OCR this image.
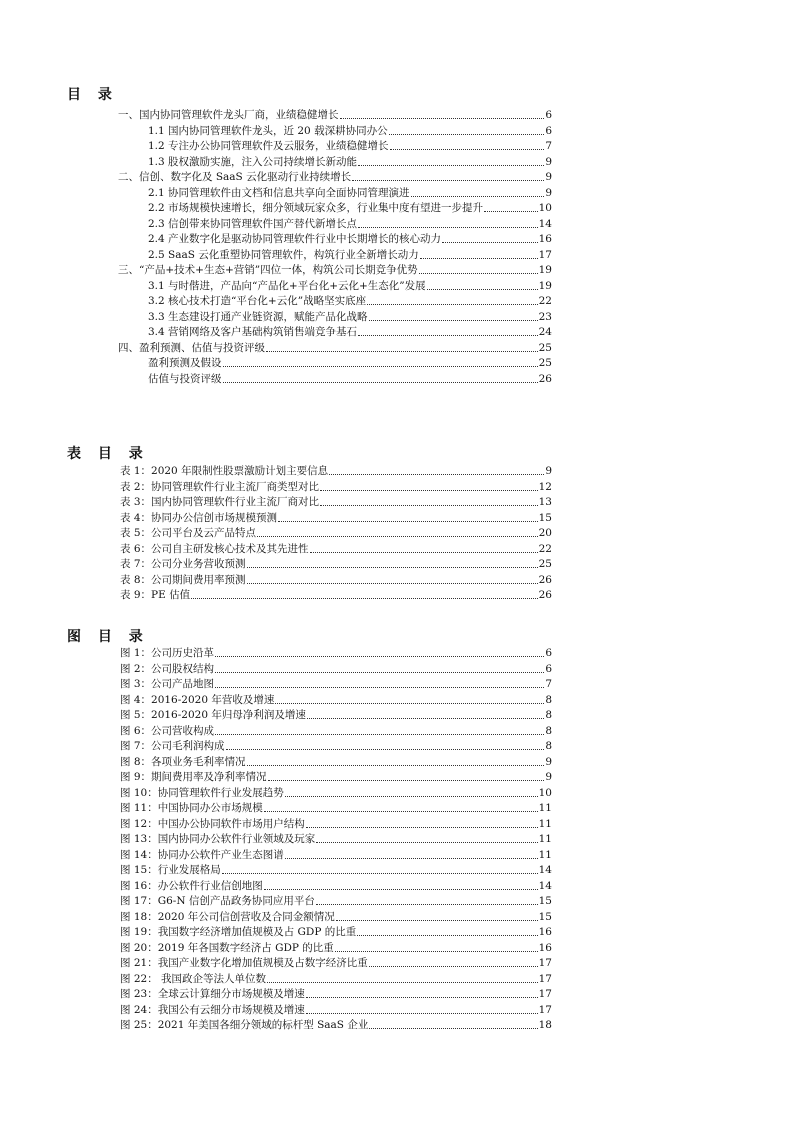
目 录
一、国内协同管理软件龙头厂商，业绩稳健增长	6
1.1 国内协同管理软件龙头，近 20 载深耕协同办公	6
1.2 专注办公协同管理软件及云服务，业绩稳健增长	7
1.3 股权激励实施，注入公司持续增长新动能	9
二、信创、数字化及 SaaS 云化驱动行业持续增长	9
2.1 协同管理软件由文档和信息共享向全面协同管理演进	9
2.2 市场规模快速增长，细分领域玩家众多，行业集中度有望进一步提升	10
2.3 信创带来协同管理软件国产替代新增长点	14
2.4 产业数字化是驱动协同管理软件行业中长期增长的核心动力	16
2.5 SaaS 云化重塑协同管理软件，构筑行业全新增长动力	17
三、“产品+技术+生态+营销”四位一体，构筑公司长期竞争优势	19
3.1 与时偕进，产品向“产品化+平台化+云化+生态化”发展	19
3.2 核心技术打造“平台化+云化”战略坚实底座	22
3.3 生态建设打通产业链资源，赋能产品化战略	23
3.4 营销网络及客户基础构筑销售端竞争基石	24
四、盈利预测、估值与投资评级	25
盈利预测及假设	25
估值与投资评级	26
表 目 录
表 1：2020 年限制性股票激励计划主要信息	9
表 2：协同管理软件行业主流厂商类型对比	12
表 3：国内协同管理软件行业主流厂商对比	13
表 4：协同办公信创市场规模预测	15
表 5：公司平台及云产品特点	20
表 6：公司自主研发核心技术及其先进性	22
表 7：公司分业务营收预测	25
表 8：公司期间费用率预测	26
表 9：PE 估值	26
图 目 录
图 1：公司历史沿革	6
图 2：公司股权结构	6
图 3：公司产品地图	7
图 4：2016-2020 年营收及增速	8
图 5：2016-2020 年归母净利润及增速	8
图 6：公司营收构成	8
图 7：公司毛利润构成	8
图 8：各项业务毛利率情况	9
图 9：期间费用率及净利率情况	9
图 10：协同管理软件行业发展趋势	10
图 11：中国协同办公市场规模	11
图 12：中国办公协同软件市场用户结构	11
图 13：国内协同办公软件行业领域及玩家	11
图 14：协同办公软件产业生态图谱	11
图 15：行业发展格局	14
图 16：办公软件行业信创地图	14
图 17：G6-N 信创产品政务协同应用平台	15
图 18：2020 年公司信创营收及合同金额情况	15
图 19：我国数字经济增加值规模及占 GDP 的比重	16
图 20：2019 年各国数字经济占 GDP 的比重	16
图 21：我国产业数字化增加值规模及占数字经济比重	17
图 22： 我国政企等法人单位数	17
图 23：全球云计算细分市场规模及增速	17
图 24：我国公有云细分市场规模及增速	17
图 25：2021 年美国各细分领域的标杆型 SaaS 企业	18
